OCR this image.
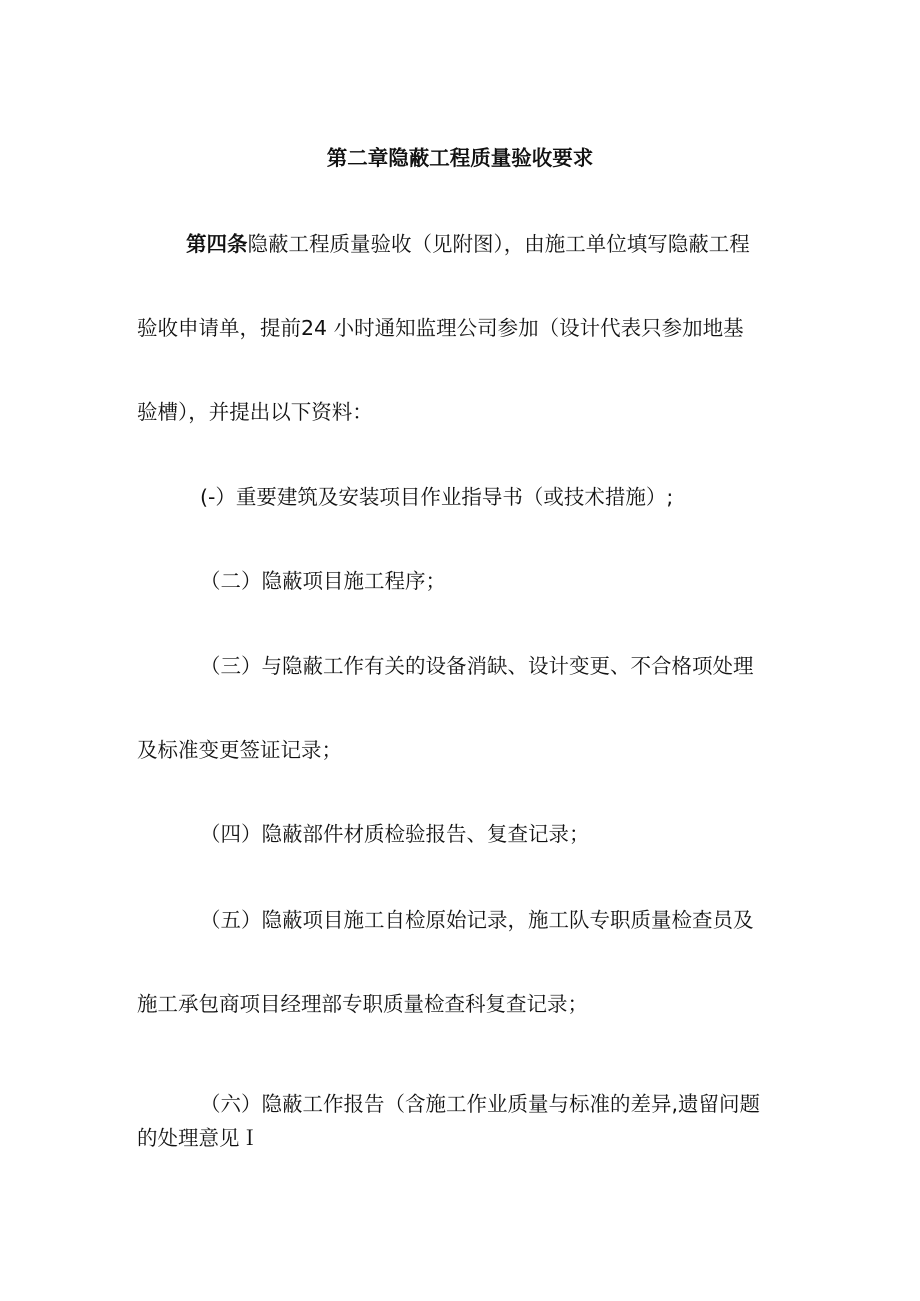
第二章隐蔽工程质量验收要求
第四条隐蔽工程质量验收（见附图），由施工单位填写隐蔽工程
验收申请单，提前24 小时通知监理公司参加（设计代表只参加地基
验槽），并提出以下资料：
(-）重要建筑及安装项目作业指导书（或技术措施）;
（二）隐蔽项目施工程序；
（三）与隐蔽工作有关的设备消缺、设计变更、不合格项处理
及标准变更签证记录；
（四）隐蔽部件材质检验报告、复查记录；
（五）隐蔽项目施工自检原始记录，施工队专职质量检查员及
施工承包商项目经理部专职质量检查科复查记录；
（六）隐蔽工作报告（含施工作业质量与标准的差异,遗留问题
的处理意见Ｉ
